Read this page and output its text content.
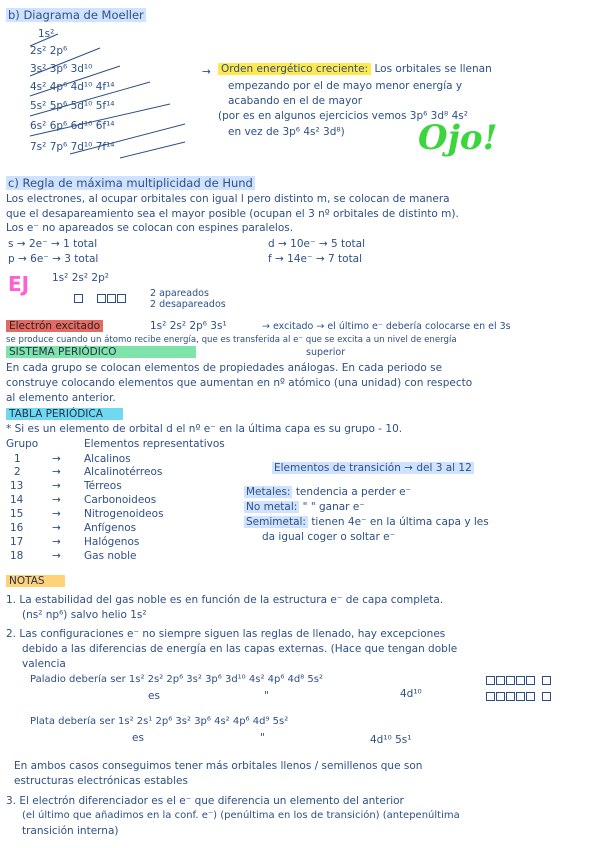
b) Diagrama de Moeller
1s²
2s² 2p⁶
3s² 3p⁶ 3d¹⁰
4s² 4p⁶ 4d¹⁰ 4f¹⁴
5s² 5p⁶ 5d¹⁰ 5f¹⁴
6s² 6p⁶ 6d¹⁰ 6f¹⁴
7s² 7p⁶ 7d¹⁰ 7f¹⁴
→ Orden energético creciente: Los orbitales se llenan
empezando por el de mayo menor energía y
acabando en el de mayor
(por es en algunos ejercicios vemos 3p⁶ 3d⁸ 4s²
en vez de 3p⁶ 4s² 3d⁸) Ojo!
c) Regla de máxima multiplicidad de Hund
Los electrones, al ocupar orbitales con igual l pero distinto m, se colocan de manera
que el desapareamiento sea el mayor posible (ocupan el 3 nº orbitales de distinto m).
Los e⁻ no apareados se colocan con espines paralelos.
s → 2e⁻ → 1 total
p → 6e⁻ → 3 total
d → 10e⁻ → 5 total
f → 14e⁻ → 7 total
EJ 1s² 2s² 2p²

2 apareados
2 desapareados
Electrón excitado	1s² 2s² 2p⁶ 3s¹	→ excitado → el último e⁻ debería colocarse en el 3s
se produce cuando un átomo recibe energía, que es transferida al e⁻ que se excita a un nivel de energía
superior
SISTEMA PERIÓDICO
En cada grupo se colocan elementos de propiedades análogas. En cada periodo se
construye colocando elementos que aumentan en nº atómico (una unidad) con respecto
al elemento anterior.
TABLA PERIÓDICA
* Si es un elemento de orbital d el nº e⁻ en la última capa es su grupo - 10.
Grupo	Elementos representativos
1	→ Alcalinos
2	→ Alcalinotérreos
13	→ Térreos
14	→ Carbonoideos
15	→ Nitrogenoideos
16	→ Anfígenos
17	→ Halógenos
18	→ Gas noble
Elementos de transición → del 3 al 12
Metales: tendencia a perder e⁻
No metal: " " ganar e⁻
Semimetal: tienen 4e⁻ en la última capa y les
da igual coger o soltar e⁻
NOTAS
1. La estabilidad del gas noble es en función de la estructura e⁻ de capa completa.
(ns² np⁶) salvo helio 1s²
2. Las configuraciones e⁻ no siempre siguen las reglas de llenado, hay excepciones
debido a las diferencias de energía en las capas externas. (Hace que tengan doble
valencia
Paladio debería ser 1s² 2s² 2p⁶ 3s² 3p⁶ 3d¹⁰ 4s² 4p⁶ 4d⁸ 5s²
es	"	4d¹⁰
Plata debería ser 1s² 2s¹ 2p⁶ 3s² 3p⁶ 4s² 4p⁶ 4d⁹ 5s²
es	"	4d¹⁰ 5s¹
En ambos casos conseguimos tener más orbitales llenos / semillenos que son
estructuras electrónicas estables
3. El electrón diferenciador es el e⁻ que diferencia un elemento del anterior
(el último que añadimos en la conf. e⁻) (penúltima en los de transición) (antepenúltima
transición interna)
